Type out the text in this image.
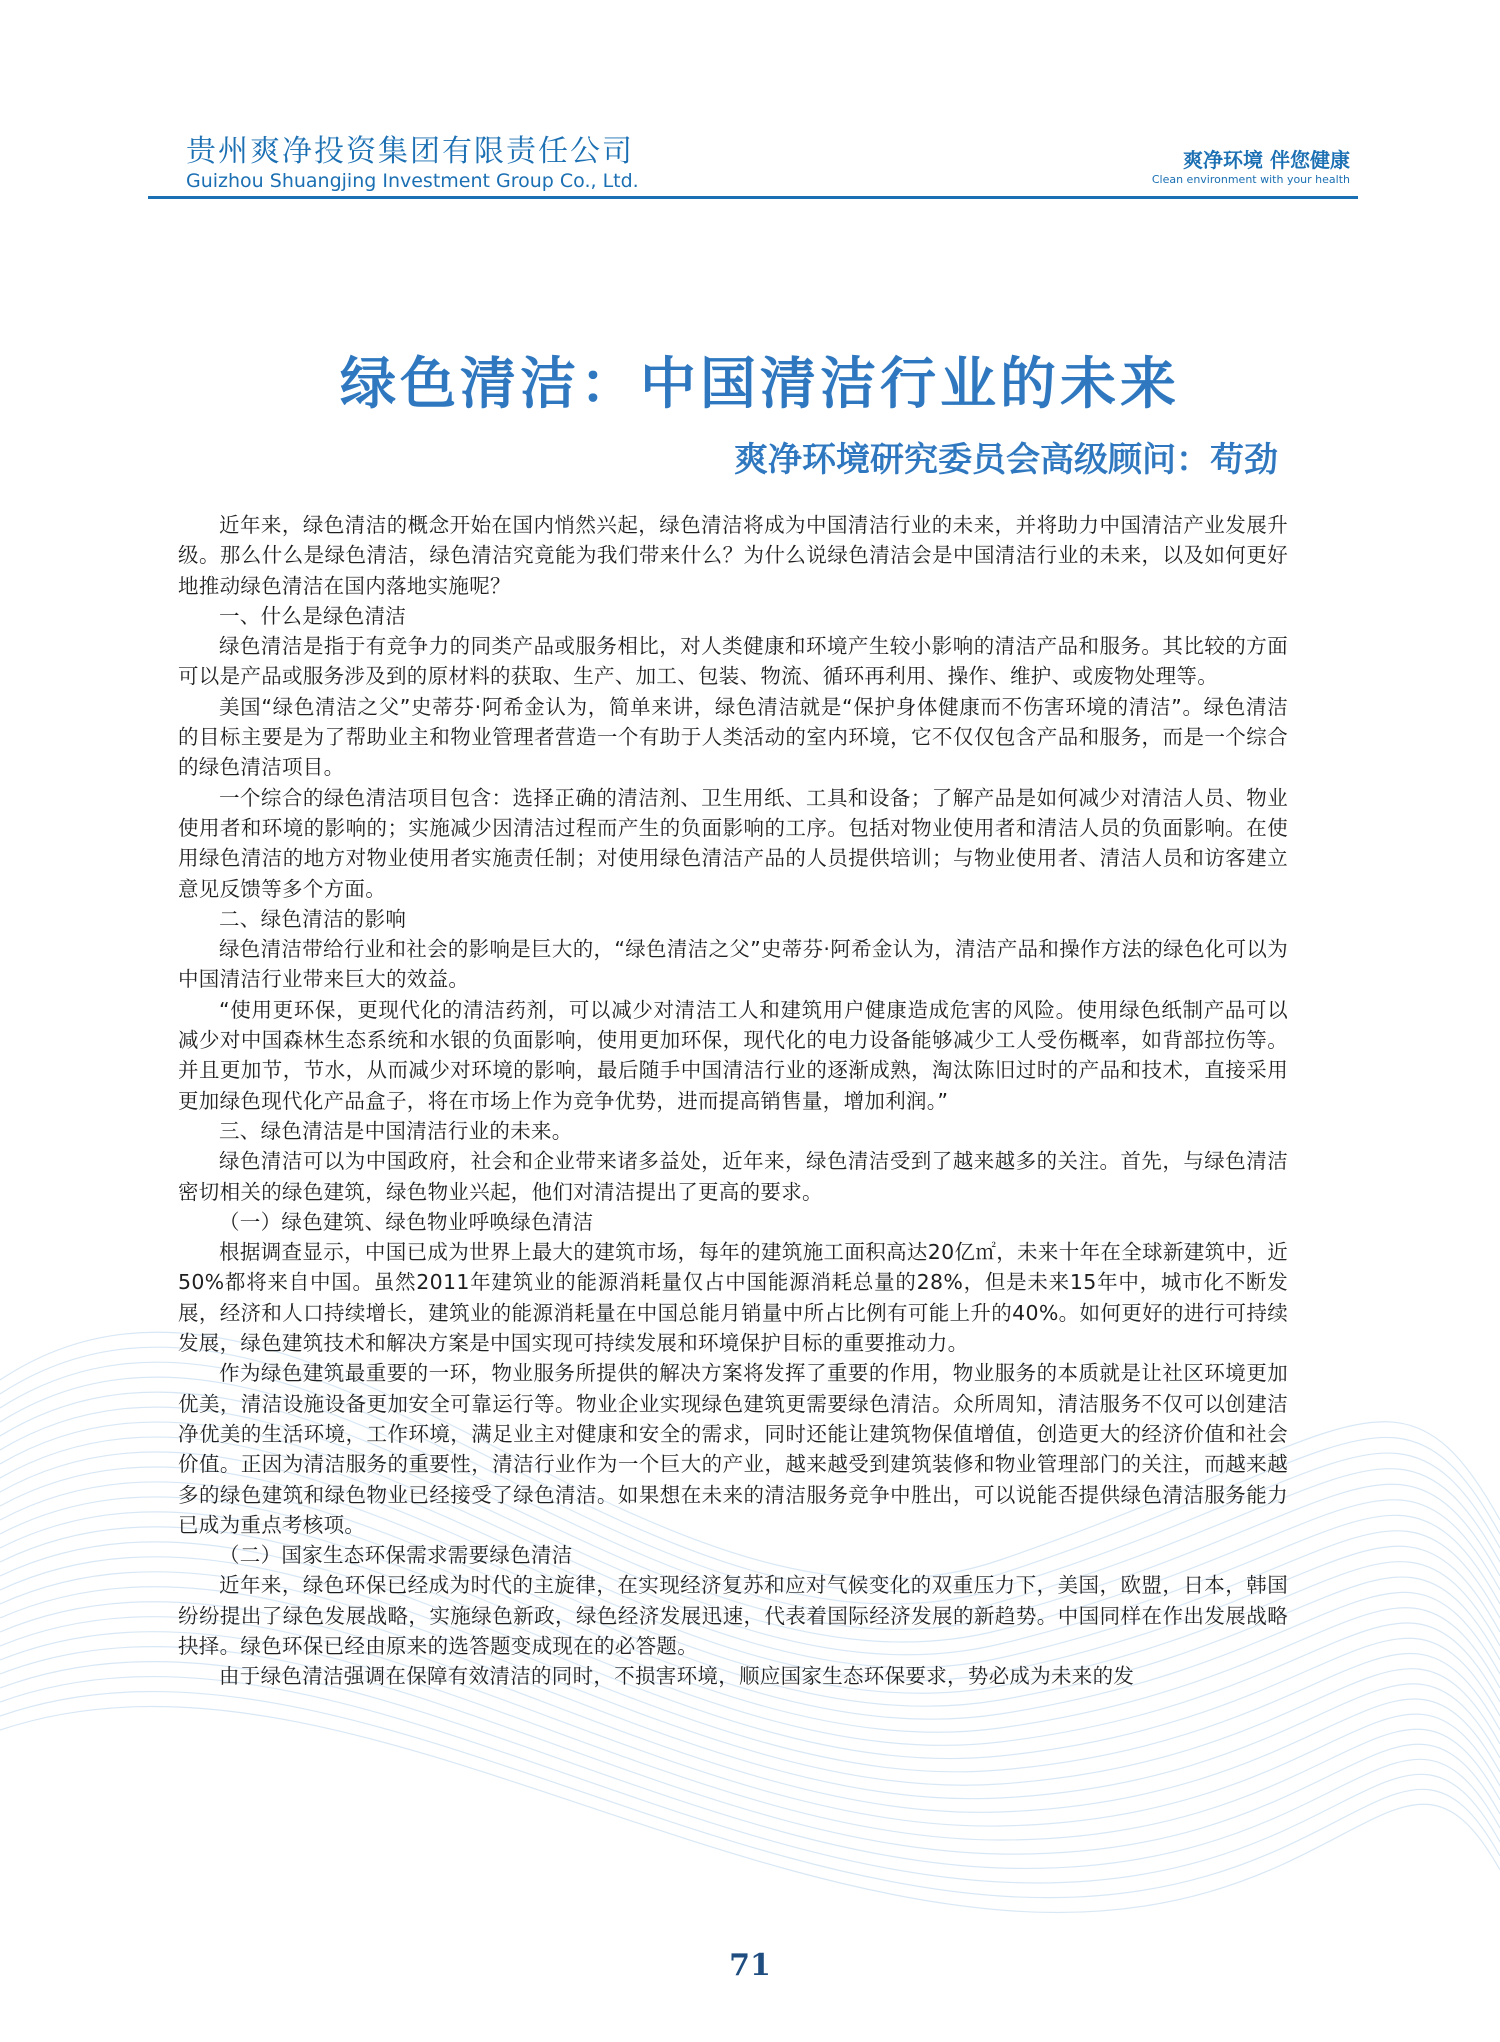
贵州爽净投资集团有限责任公司
Guizhou Shuangjing Investment Group Co., Ltd.
爽净环境 伴您健康
Clean environment with your health
绿色清洁：中国清洁行业的未来
爽净环境研究委员会高级顾问：苟劲

近年来，绿色清洁的概念开始在国内悄然兴起，绿色清洁将成为中国清洁行业的未来，并将助力中国清洁产业发展升级。那么什么是绿色清洁，绿色清洁究竟能为我们带来什么？为什么说绿色清洁会是中国清洁行业的未来，以及如何更好地推动绿色清洁在国内落地实施呢？

一、什么是绿色清洁

绿色清洁是指于有竞争力的同类产品或服务相比，对人类健康和环境产生较小影响的清洁产品和服务。其比较的方面可以是产品或服务涉及到的原材料的获取、生产、加工、包装、物流、循环再利用、操作、维护、或废物处理等。

美国“绿色清洁之父”史蒂芬·阿希金认为，简单来讲，绿色清洁就是“保护身体健康而不伤害环境的清洁”。绿色清洁的目标主要是为了帮助业主和物业管理者营造一个有助于人类活动的室内环境，它不仅仅包含产品和服务，而是一个综合的绿色清洁项目。

一个综合的绿色清洁项目包含：选择正确的清洁剂、卫生用纸、工具和设备；了解产品是如何减少对清洁人员、物业使用者和环境的影响的；实施减少因清洁过程而产生的负面影响的工序。包括对物业使用者和清洁人员的负面影响。在使用绿色清洁的地方对物业使用者实施责任制；对使用绿色清洁产品的人员提供培训；与物业使用者、清洁人员和访客建立意见反馈等多个方面。

二、绿色清洁的影响

绿色清洁带给行业和社会的影响是巨大的，“绿色清洁之父”史蒂芬·阿希金认为，清洁产品和操作方法的绿色化可以为中国清洁行业带来巨大的效益。

“使用更环保，更现代化的清洁药剂，可以减少对清洁工人和建筑用户健康造成危害的风险。使用绿色纸制产品可以减少对中国森林生态系统和水银的负面影响，使用更加环保，现代化的电力设备能够减少工人受伤概率，如背部拉伤等。并且更加节，节水，从而减少对环境的影响，最后随手中国清洁行业的逐渐成熟，淘汰陈旧过时的产品和技术，直接采用更加绿色现代化产品盒子，将在市场上作为竞争优势，进而提高销售量，增加利润。”

三、绿色清洁是中国清洁行业的未来。

绿色清洁可以为中国政府，社会和企业带来诸多益处，近年来，绿色清洁受到了越来越多的关注。首先，与绿色清洁密切相关的绿色建筑，绿色物业兴起，他们对清洁提出了更高的要求。

（一）绿色建筑、绿色物业呼唤绿色清洁

根据调查显示，中国已成为世界上最大的建筑市场，每年的建筑施工面积高达20亿㎡，未来十年在全球新建筑中，近50%都将来自中国。虽然2011年建筑业的能源消耗量仅占中国能源消耗总量的28%，但是未来15年中，城市化不断发展，经济和人口持续增长，建筑业的能源消耗量在中国总能月销量中所占比例有可能上升的40%。如何更好的进行可持续发展，绿色建筑技术和解决方案是中国实现可持续发展和环境保护目标的重要推动力。

作为绿色建筑最重要的一环，物业服务所提供的解决方案将发挥了重要的作用，物业服务的本质就是让社区环境更加优美，清洁设施设备更加安全可靠运行等。物业企业实现绿色建筑更需要绿色清洁。众所周知，清洁服务不仅可以创建洁净优美的生活环境，工作环境，满足业主对健康和安全的需求，同时还能让建筑物保值增值，创造更大的经济价值和社会价值。正因为清洁服务的重要性，清洁行业作为一个巨大的产业，越来越受到建筑装修和物业管理部门的关注，而越来越多的绿色建筑和绿色物业已经接受了绿色清洁。如果想在未来的清洁服务竞争中胜出，可以说能否提供绿色清洁服务能力已成为重点考核项。

（二）国家生态环保需求需要绿色清洁

近年来，绿色环保已经成为时代的主旋律，在实现经济复苏和应对气候变化的双重压力下，美国，欧盟，日本，韩国纷纷提出了绿色发展战略，实施绿色新政，绿色经济发展迅速，代表着国际经济发展的新趋势。中国同样在作出发展战略抉择。绿色环保已经由原来的选答题变成现在的必答题。

由于绿色清洁强调在保障有效清洁的同时，不损害环境，顺应国家生态环保要求，势必成为未来的发

71
